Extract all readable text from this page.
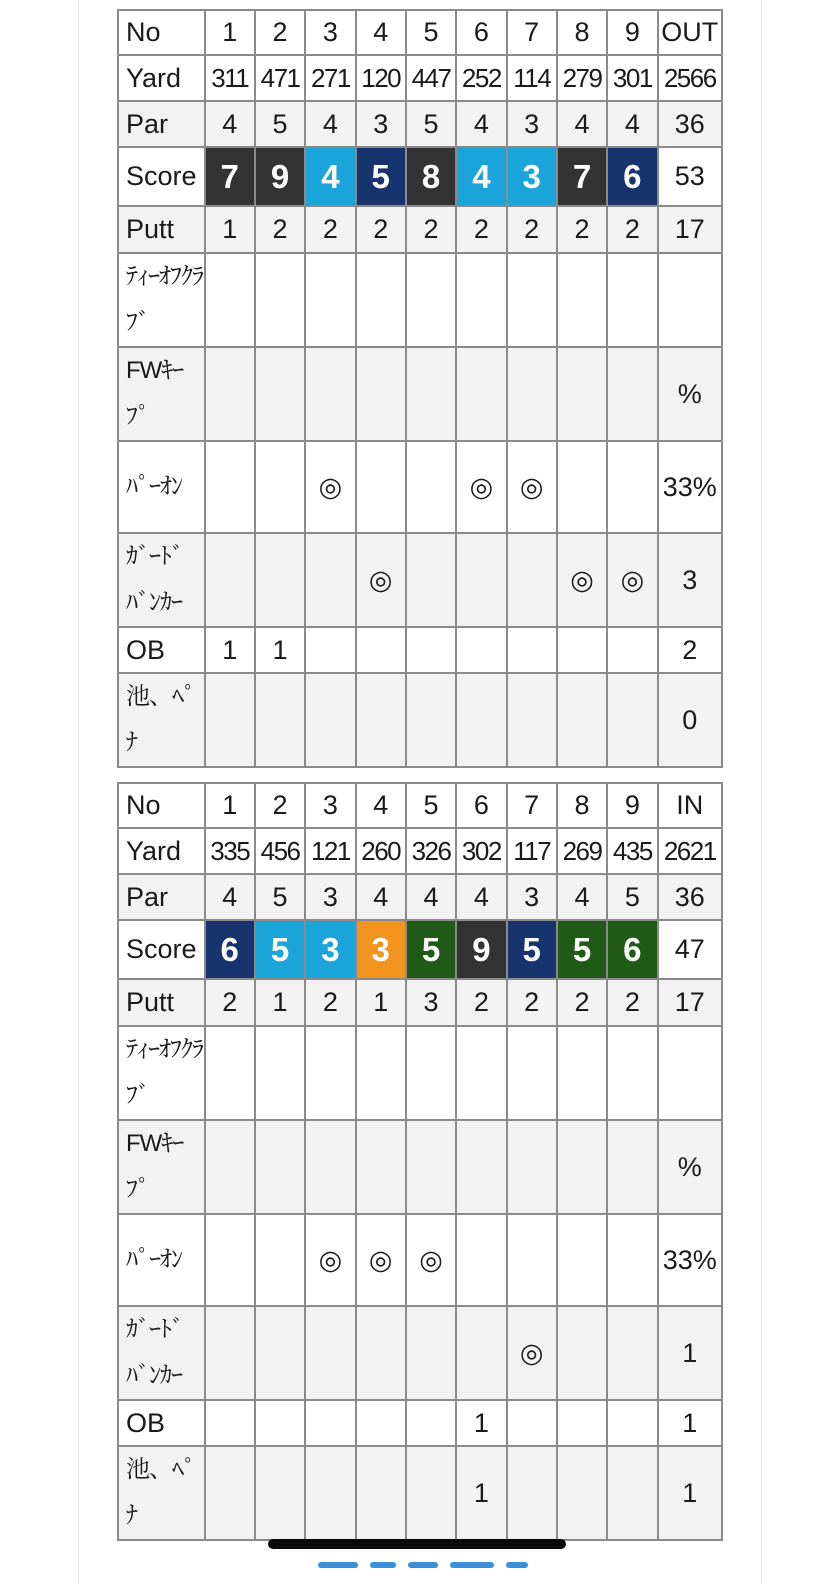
No	1	2	3	4	5	6	7	8	9	OUT
Yard	311	471	271	120	447	252	114	279	301	2566
Par	4	5	4	3	5	4	3	4	4	36
Score	7	9	4	5	8	4	3	7	6	53
Putt	1	2	2	2	2	2	2	2	2	17
ﾃｨｰｵﾌｸﾗﾌﾞ										
FWｷｰﾌﾟ										%
ﾊﾟｰｵﾝ			◎			◎	◎			33%
ｶﾞｰﾄﾞﾊﾞﾝｶｰ				◎				◎	◎	3
OB	1	1								2
池、ﾍﾟﾅ										0
No	1	2	3	4	5	6	7	8	9	IN
Yard	335	456	121	260	326	302	117	269	435	2621
Par	4	5	3	4	4	4	3	4	5	36
Score	6	5	3	3	5	9	5	5	6	47
Putt	2	1	2	1	3	2	2	2	2	17
ﾃｨｰｵﾌｸﾗﾌﾞ										
FWｷｰﾌﾟ										%
ﾊﾟｰｵﾝ			◎	◎	◎					33%
ｶﾞｰﾄﾞﾊﾞﾝｶｰ							◎			1
OB						1				1
池、ﾍﾟﾅ						1				1
